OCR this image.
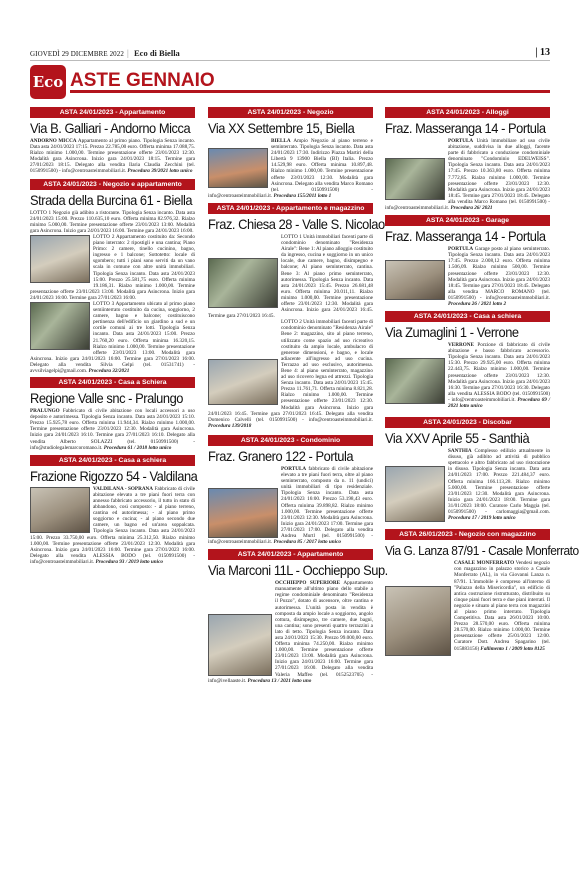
GIOVEDÌ 29 DICEMBRE 2022 | Eco di Biella	| 13
Eco ASTE GENNAIO
ASTA 24/01/2023 - Appartamento
Via B. Galliari - Andorno Micca
ANDORNO MICCA Appartamento al primo piano. Tipologia Senza incanto. Data asta 24/01/2023 17:15. Prezzo 22.785,00 euro. Offerta minima 17.088,75. Rialzo minimo 1.000,00. Termine presentazione offerte 23/01/2023 12:30. Modalità gara Asincrona. Inizio gara 24/01/2023 18:15. Termine gara 27/01/2023 18:15. Delegato alla vendita Ilaria Claudia Zecchini (tel. 0150991500) - info@centroasteimmobiliari.it. Procedura 39/2021 lotto unico
ASTA 24/01/2023 - Negozio e appartamento
Strada della Burcina 61 - Biella
LOTTO 1 Negozio già adibito a ristorante. Tipologia Senza incanto. Data asta 24/01/2023 15:00. Prezzo 110.635,10 euro. Offerta minima 82.976,32. Rialzo minimo 5.000,00. Termine presentazione offerte 23/01/2023 13:00. Modalità gara Asincrona. Inizio gara 24/01/2023 16:00. Termine gara 24/01/2023 16:00.

LOTTO 2 Appartamento costituito da: Secondo piano interrato: 2 ripostigli e una cantina; Piano Primo: 2 camere, tinello cucinino, bagno, ingresso e 1 balcone; Sottotetto: locale di sgombero; tutti i piani sono serviti da un vano scala in comune con altre unità immobiliari. Tipologia Senza incanto. Data asta 24/01/2023 15:00. Prezzo 25.581,75 euro. Offerta minima 19.186,31. Rialzo minimo 1.000,00. Termine presentazione offerte 23/01/2023 13:00. Modalità gara Asincrona. Inizio gara 24/01/2023 16:00. Termine gara 27/01/2023 16:00.

LOTTO 3 Appartamento ubicato al primo piano semiinterrato costituito da cucina, soggiorno, 2 camere, bagno e balcone; costituiscono pertinenza dell'edificio un giardino a sud e un cortile comuni ai tre lotti. Tipologia Senza incanto. Data asta 24/01/2023 15:00. Prezzo 21.760,20 euro. Offerta minima 16.320,15. Rialzo minimo 1.000,00. Termine presentazione offerte 23/01/2023 13:00. Modalità gara Asincrona. Inizio gara 24/01/2023 16:00. Termine gara 27/01/2023 16:00. Delegato alla vendita Silvia Gelpi (tel. 01531741) - avvsilviagelpi@gmail.com. Procedura 32/2021
ASTA 24/01/2023 - Casa a Schiera
Regione Valle snc - Pralungo
PRALUNGO Fabbricato di civile abitazione con locali accessori a uso deposito e autorimessa. Tipologia Senza incanto. Data asta 24/01/2023 15:10. Prezzo 15.925,78 euro. Offerta minima 11.944,34. Rialzo minimo 1.000,00. Termine presentazione offerte 23/01/2023 12:30. Modalità gara Asincrona. Inizio gara 24/01/2023 16:10. Termine gara 27/01/2023 16:10. Delegato alla vendita Alberto SOLAZZI (tel. 0150991500) - info@studiolegalemarcoromano.it. Procedura 61 / 2018 lotto unico
ASTA 24/01/2023 - Casa a schiera
Frazione Rigozzo 54 - Valdilana
VALDILANA - SOPRANA Fabbricato di civile abitazione elevato a tre piani fuori terra con annesso fabbricato accessorio, il tutto in stato di abbandono, così composto: - al piano terreno, cantina ed autorimessa; - al piano primo soggiorno e cucina; - al piano secondo due camere, un bagno ed un'area soppalcata. Tipologia Senza incanto. Data asta 24/01/2023 15:00. Prezzo 33.750,00 euro. Offerta minima 25.312,50. Rialzo minimo 1.000,00. Termine presentazione offerte 23/01/2023 12:30. Modalità gara Asincrona. Inizio gara 24/01/2023 16:00. Termine gara 27/01/2023 16:00. Delegato alla vendita ALESSIA BODO (tel. 0150991500) - info@centroasteimmobiliari.it. Procedura 93 / 2019 lotto unico
ASTA 24/01/2023 - Negozio
Via XX Settembre 15, Biella
BIELLA Ampio Negozio al piano terreno e seminterrato. Tipologia Senza incanto. Data asta 24/01/2023 17:30. Indirizzo Piazza Martiri della Libertà 9 13900 Biella (BI) Italia. Prezzo 14.529,98 euro. Offerta minima 10.897,48. Rialzo minimo 1.000,00. Termine presentazione offerte 23/01/2023 12:30. Modalità gara Asincrona. Delegato alla vendita Marco Romano (tel. 0150991500) - info@centroasteimmobiliari.it. Procedura 155/2011 lotto 1
ASTA 24/01/2023 - Appartamento e magazzino
Fraz. Chiesa 28 - Valle S. Nicolao
LOTTO 1 Unità immobiliari facenti parte di condominio denominato "Residenza Airale": Bene 1: Al piano alloggio costituito da ingresso, cucina e soggiorno in un unico locale, due camere, bagno, disimpegno e balcone; Al piano seminterrato, cantina. Bene 3: Al piano primo seminterrato, autorimessa. Tipologia Senza incanto. Data asta 24/01/2023 15:45. Prezzo 26.681,48 euro. Offerta minima 20.011,11. Rialzo minimo 1.000,00. Termine presentazione offerte 23/01/2023 12:30. Modalità gara Asincrona. Inizio gara 24/01/2023 16:45. Termine gara 27/01/2023 16:45.

LOTTO 2 Unità immobiliari facenti parte di condominio denominato "Residenza Airale" Bene 2: magazzino, sito al piano terreno, utilizzato come spazio ad uso ricreativo costituito da ampio locale, ambulacro di generose dimensioni, e bagno, e locale adiacente all'ingresso ad uso cucina. Terrazzo ad uso esclusivo, autorimessa. Bene 4: al piano seminterrato, magazzino ad uso ricovero legna ed attrezzi. Tipologia Senza incanto. Data asta 24/01/2023 15:45. Prezzo 11.761,71. Offerta minima 8.821,28. Rialzo minimo 1.000,00. Termine presentazione offerte 23/01/2023 12:30. Modalità gara Asincrona. Inizio gara 24/01/2023 16:45. Termine gara 27/01/2023 16:45. Delegato alla vendita Domenico Calvelli (tel. 0150991500) - info@centroasteimmobiliari.it. Procedura 139/2018
ASTA 24/01/2023 - Condominio
Fraz. Granero 122 - Portula
PORTULA fabbricato di civile abitazione elevato a tre piani fuori terra, oltre al piano seminterrato, composto da n. 11 (undici) unità immobiliari di tipo residenziale. Tipologia Senza incanto. Data asta 24/01/2023 16:00. Prezzo 53.198,43 euro. Offerta minima 39.898,82. Rialzo minimo 1.000,00. Termine presentazione offerte 23/01/2023 12:30. Modalità gara Asincrona. Inizio gara 24/01/2023 17:00. Termine gara 27/01/2023 17:00. Delegato alla vendita Andrea Murtl (tel. 0150991500) - info@centroasteimmobiliari.it. Procedura 85 / 2017 lotto unico
ASTA 24/01/2023 - Appartamento
Via Marconi 11L - Occhieppo Sup.
OCCHIEPPO SUPERIORE Appartamento manuamente all'ultimo piano dello stabile a regime condominiale denominato "Residenza il Pozzo", dotato di ascensore, oltre cantina e autorimessa. L'unità posta in vendita è composta da ampio locale a soggiorno, angolo cottura, disimpegno, tre camere, due bagni, una cantina; sono presenti quattro terrazzini a lato di tetto. Tipologia Senza incanto. Data asta 24/01/2023 15:30. Prezzo 99.000,00 euro. Offerta minima 74.250,00. Rialzo minimo 1.000,00. Termine presentazione offerte 23/01/2023 13:00. Modalità gara Asincrona. Inizio gara 24/01/2023 16:00. Termine gara 27/01/2023 16:00. Delegato alla vendita Valeria Maffeo (tel. 0152523705) - info@ivellaaste.it. Procedura 13 / 2021 lotto uno
ASTA 24/01/2023 - Alloggi
Fraz. Masseranga 14 - Portula
PORTULA Unità immobiliare ad uso civile abitazione, suddivisa in due alloggi, facente parte di fabbricato a conduzione condominiale denominato "Condominio EDELWEISS". Tipologia Senza incanto. Data asta 24/01/2023 17:45. Prezzo 10.363,80 euro. Offerta minima 7.772,85. Rialzo minimo 1.000,00. Termine presentazione offerte 23/01/2023 12:30. Modalità gara Asincrona. Inizio gara 24/01/2023 18:45. Termine gara 27/01/2023 18:45. Delegato alla vendita Marco Romano (tel. 0150991500) - info@centroasteimmobiliari.it. Procedura 26/ 2021
ASTA 24/01/2023 - Garage
Fraz. Masseranga 14 - Portula
PORTULA Garage posto al piano seminterrato. Tipologia Senza incanto. Data asta 24/01/2023 17:45. Prezzo 2.008,12 euro. Offerta minima 1.506,09. Rialzo minimo 500,00. Termine presentazione offerte 23/01/2023 12:30. Modalità gara Asincrona. Inizio gara 24/01/2023 18:45. Termine gara 27/01/2023 18:45. Delegato alla vendita MARCO ROMANO (tel. 0150991500) - info@centroasteimmobiliari.it. Procedura 26 / 2021 lotto 2
ASTA 24/01/2023 - Casa a schiera
Via Zumaglini 1 - Verrone
VERRONE Porzione di fabbricato di civile abitazione e basso fabbricato accessorio. Tipologia Senza incanto. Data asta 24/01/2023 15:30. Prezzo 29.925,00 euro. Offerta minima 22.443,75. Rialzo minimo 1.000,00. Termine presentazione offerte 23/01/2023 12:30. Modalità gara Asincrona. Inizio gara 24/01/2023 16:30. Termine gara 27/01/2023 16:30. Delegato alla vendita ALESSIA BODO (tel. 0150991500) - info@centroasteimmobiliari.it. Procedura 69 / 2021 lotto unico
ASTA 24/01/2023 - Discobar
Via XXV Aprile 55 - Santhià
SANTHIA Complesso edilizio attualmente in disuso, già adibito ad attività di pubblico spettacolo e altro fabbricato ad uso ristorazione in disuso. Tipologia Senza incanto. Data asta 24/01/2023 17:00. Prezzo 221.484,37 euro. Offerta minima 166.113,28. Rialzo minimo 5.000,00. Termine presentazione offerte 23/01/2023 12:30. Modalità gara Asincrona. Inizio gara 24/01/2023 18:00. Termine gara 31/01/2023 18:00. Curatore Carlo Maggia (tel. 0150991500) - carlomaggia@gmail.com. Procedura 17 / 2019 lotto unico
ASTA 26/01/2023 - Negozio con magazzino
Via G. Lanza 87/91 - Casale Monferrato
CASALE MONFERRATO Vendesi negozio con magazzino in palazzo storico a Casale Monferrato (AL), in via Giovanni Lanza n. 87/91. L'immobile è compreso all'interno di "Palazzo della Misericordia", un edificio di antica costruzione ristrutturato, distribuito su cinque piani fuori terra e due piani interrati. Il negozio e situato al piano terra con magazzini al piano primo interrato. Tipologia Competitiva. Data asta 26/01/2023 10:00. Prezzo 28.570,00 euro. Offerta minima 28.570,00. Rialzo minimo 1.000,00. Termine presentazione offerte 25/01/2023 12:00. Curatore Dott. Andrea Spagarino (tel. 015883156) Fallimento 1 / 2009 lotto 8125
